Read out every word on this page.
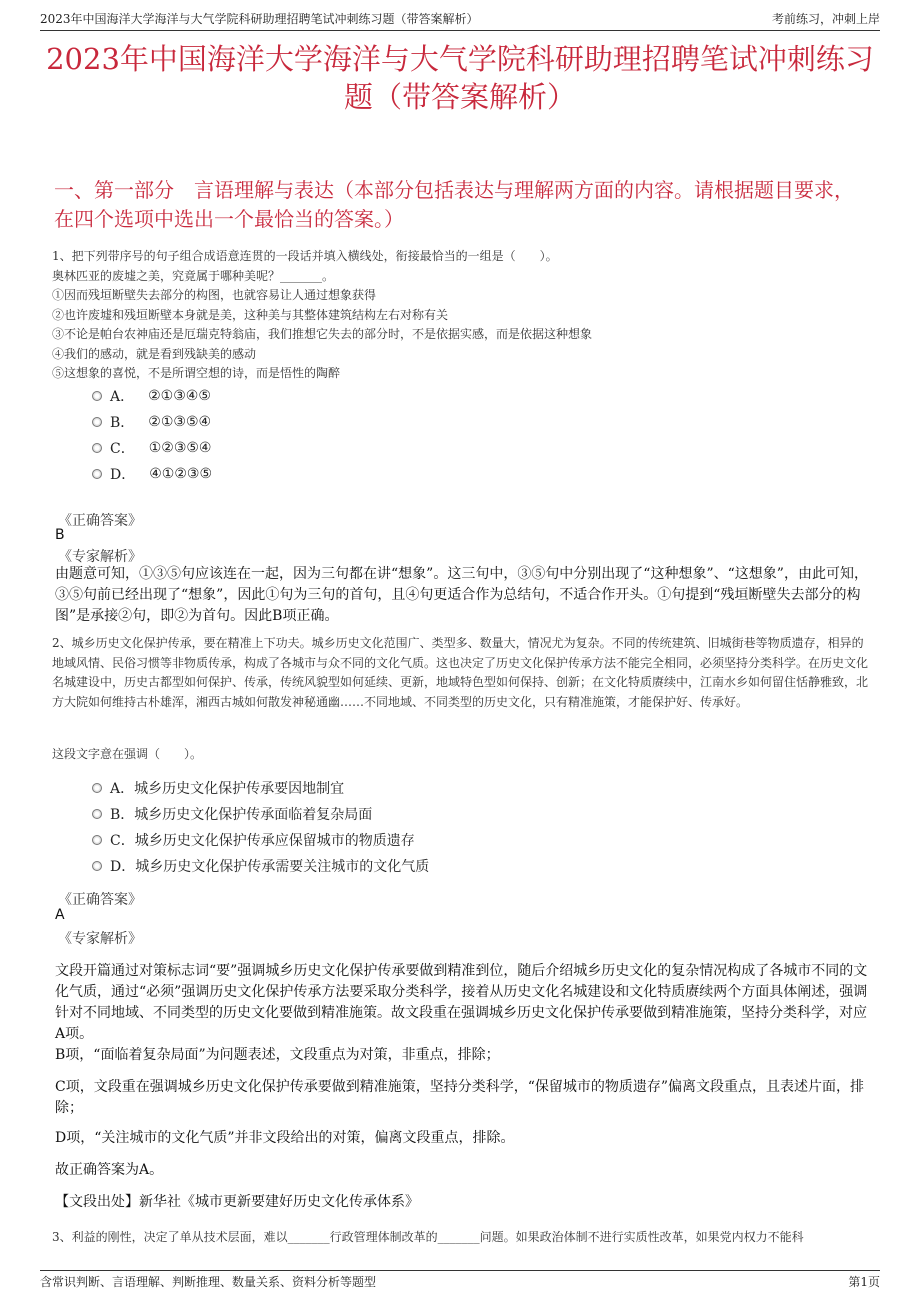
2023年中国海洋大学海洋与大气学院科研助理招聘笔试冲刺练习题（带答案解析）	考前练习，冲刺上岸
2023年中国海洋大学海洋与大气学院科研助理招聘笔试冲刺练习题（带答案解析）
一、第一部分　言语理解与表达（本部分包括表达与理解两方面的内容。请根据题目要求，在四个选项中选出一个最恰当的答案。）
1、把下列带序号的句子组合成语意连贯的一段话并填入横线处，衔接最恰当的一组是（　　）。
奥林匹亚的废墟之美，究竟属于哪种美呢？_______。
①因而残垣断壁失去部分的构图，也就容易让人通过想象获得
②也许废墟和残垣断壁本身就是美，这种美与其整体建筑结构左右对称有关
③不论是帕台农神庙还是厄瑞克特翁庙，我们推想它失去的部分时，不是依据实感，而是依据这种想象
④我们的感动，就是看到残缺美的感动
⑤这想象的喜悦，不是所谓空想的诗，而是悟性的陶醉
A． ②①③④⑤
B． ②①③⑤④
C． ①②③⑤④
D． ④①②③⑤
《正确答案》
B
《专家解析》
由题意可知，①③⑤句应该连在一起，因为三句都在讲“想象”。这三句中，③⑤句中分别出现了“这种想象”、“这想象”，由此可知，③⑤句前已经出现了“想象”，因此①句为三句的首句，且④句更适合作为总结句，不适合作开头。①句提到“残垣断壁失去部分的构图”是承接②句，即②为首句。因此B项正确。
2、城乡历史文化保护传承，要在精准上下功夫。城乡历史文化范围广、类型多、数量大，情况尤为复杂。不同的传统建筑、旧城街巷等物质遗存，相异的地域风情、民俗习惯等非物质传承，构成了各城市与众不同的文化气质。这也决定了历史文化保护传承方法不能完全相同，必须坚持分类科学。在历史文化名城建设中，历史古都型如何保护、传承，传统风貌型如何延续、更新，地域特色型如何保持、创新；在文化特质赓续中，江南水乡如何留住恬静雅致，北方大院如何维持古朴雄浑，湘西古城如何散发神秘通幽……不同地域、不同类型的历史文化，只有精准施策，才能保护好、传承好。
这段文字意在强调（　　）。
A． 城乡历史文化保护传承要因地制宜
B． 城乡历史文化保护传承面临着复杂局面
C． 城乡历史文化保护传承应保留城市的物质遗存
D． 城乡历史文化保护传承需要关注城市的文化气质
《正确答案》
A
《专家解析》
文段开篇通过对策标志词“要”强调城乡历史文化保护传承要做到精准到位，随后介绍城乡历史文化的复杂情况构成了各城市不同的文化气质，通过“必须”强调历史文化保护传承方法要采取分类科学，接着从历史文化名城建设和文化特质赓续两个方面具体阐述，强调针对不同地域、不同类型的历史文化要做到精准施策。故文段重在强调城乡历史文化保护传承要做到精准施策，坚持分类科学，对应A项。
B项，“面临着复杂局面”为问题表述，文段重点为对策，非重点，排除；
C项，文段重在强调城乡历史文化保护传承要做到精准施策，坚持分类科学，“保留城市的物质遗存”偏离文段重点，且表述片面，排除；
D项，“关注城市的文化气质”并非文段给出的对策，偏离文段重点，排除。
故正确答案为A。
【文段出处】新华社《城市更新要建好历史文化传承体系》
3、利益的刚性，决定了单从技术层面，难以_______行政管理体制改革的_______问题。如果政治体制不进行实质性改革，如果党内权力不能科
含常识判断、言语理解、判断推理、数量关系、资料分析等题型	第1页
